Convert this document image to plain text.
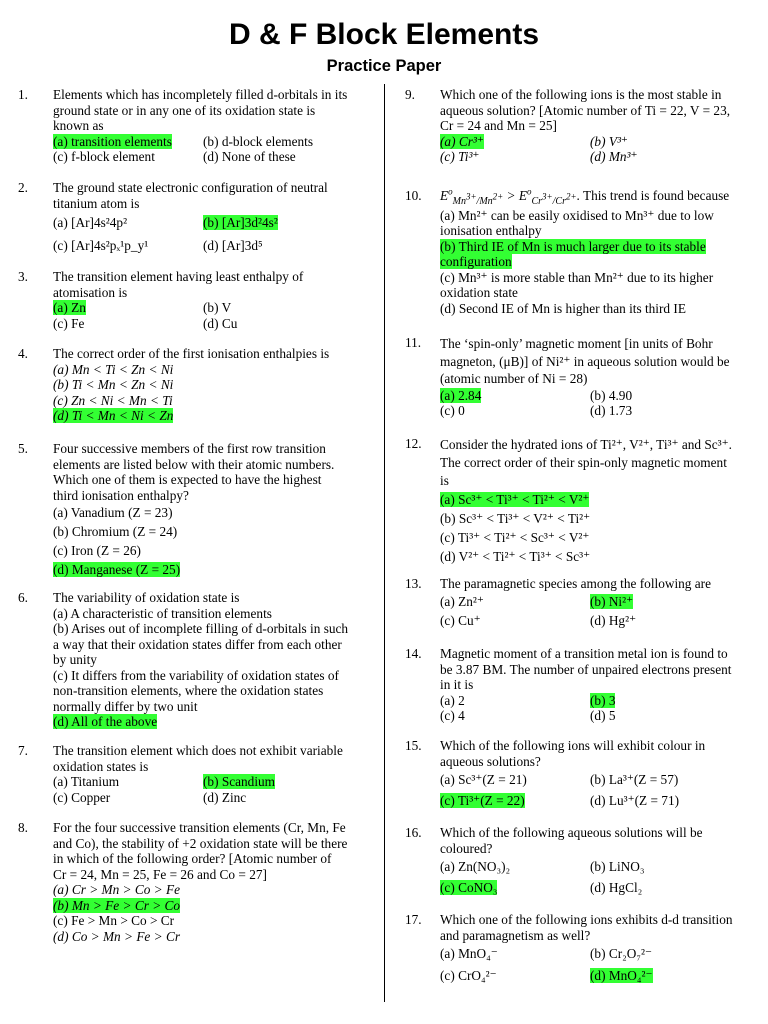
D & F Block Elements
Practice Paper
1.	Elements which has incompletely filled d-orbitals in its ground state or in any one of its oxidation state is known as
(a) transition elements	(b) d-block elements
(c) f-block element	(d) None of these
2.	The ground state electronic configuration of neutral titanium atom is
(a) [Ar]4s²4p²	(b) [Ar]3d²4s²
(c) [Ar]4s²pₓ¹p_y¹	(d) [Ar]3d⁵
3.	The transition element having least enthalpy of atomisation is
(a) Zn	(b) V
(c) Fe	(d) Cu
4.	The correct order of the first ionisation enthalpies is
(a) Mn < Ti < Zn < Ni
(b) Ti < Mn < Zn < Ni
(c) Zn < Ni < Mn < Ti
(d) Ti < Mn < Ni < Zn
5.	Four successive members of the first row transition elements are listed below with their atomic numbers. Which one of them is expected to have the highest third ionisation enthalpy?
(a) Vanadium (Z = 23)
(b) Chromium (Z = 24)
(c) Iron (Z = 26)
(d) Manganese (Z = 25)
6.	The variability of oxidation state is
(a) A characteristic of transition elements
(b) Arises out of incomplete filling of d-orbitals in such a way that their oxidation states differ from each other by unity
(c) It differs from the variability of oxidation states of non-transition elements, where the oxidation states normally differ by two unit
(d) All of the above
7.	The transition element which does not exhibit variable oxidation states is
(a) Titanium	(b) Scandium
(c) Copper	(d) Zinc
8.	For the four successive transition elements (Cr, Mn, Fe and Co), the stability of +2 oxidation state will be there in which of the following order? [Atomic number of Cr = 24, Mn = 25, Fe = 26 and Co = 27]
(a) Cr > Mn > Co > Fe
(b) Mn > Fe > Cr > Co
(c) Fe > Mn > Co > Cr
(d) Co > Mn > Fe > Cr
9.	Which one of the following ions is the most stable in aqueous solution? [Atomic number of Ti = 22, V = 23, Cr = 24 and Mn = 25]
(a) Cr³⁺	(b) V³⁺
(c) Ti³⁺	(d) Mn³⁺
10.	$E^o_{Mn^{3+}/Mn^{2+}} > E^o_{Cr^{3+}/Cr^{2+}}$. This trend is found because
(a) Mn²⁺ can be easily oxidised to Mn³⁺ due to low ionisation enthalpy
(b) Third IE of Mn is much larger due to its stable configuration
(c) Mn³⁺ is more stable than Mn²⁺ due to its higher oxidation state
(d) Second IE of Mn is higher than its third IE
11.	The ‘spin-only’ magnetic moment [in units of Bohr magneton, (μB)] of Ni²⁺ in aqueous solution would be (atomic number of Ni = 28)
(a) 2.84	(b) 4.90
(c) 0	(d) 1.73
12.	Consider the hydrated ions of Ti²⁺, V²⁺, Ti³⁺ and Sc³⁺. The correct order of their spin-only magnetic moment is
(a) Sc³⁺ < Ti³⁺ < Ti²⁺ < V²⁺
(b) Sc³⁺ < Ti³⁺ < V²⁺ < Ti²⁺
(c) Ti³⁺ < Ti²⁺ < Sc³⁺ < V²⁺
(d) V²⁺ < Ti²⁺ < Ti³⁺ < Sc³⁺
13.	The paramagnetic species among the following are
(a) Zn²⁺	(b) Ni²⁺
(c) Cu⁺	(d) Hg²⁺
14.	Magnetic moment of a transition metal ion is found to be 3.87 BM. The number of unpaired electrons present in it is
(a) 2	(b) 3
(c) 4	(d) 5
15.	Which of the following ions will exhibit colour in aqueous solutions?
(a) Sc³⁺(Z = 21)	(b) La³⁺(Z = 57)
(c) Ti³⁺(Z = 22)	(d) Lu³⁺(Z = 71)
16.	Which of the following aqueous solutions will be coloured?
(a) Zn(NO₃)₂	(b) LiNO₃
(c) CoNO₃	(d) HgCl₂
17.	Which one of the following ions exhibits d-d transition and paramagnetism as well?
(a) MnO₄⁻	(b) Cr₂O₇²⁻
(c) CrO₄²⁻	(d) MnO₄²⁻
